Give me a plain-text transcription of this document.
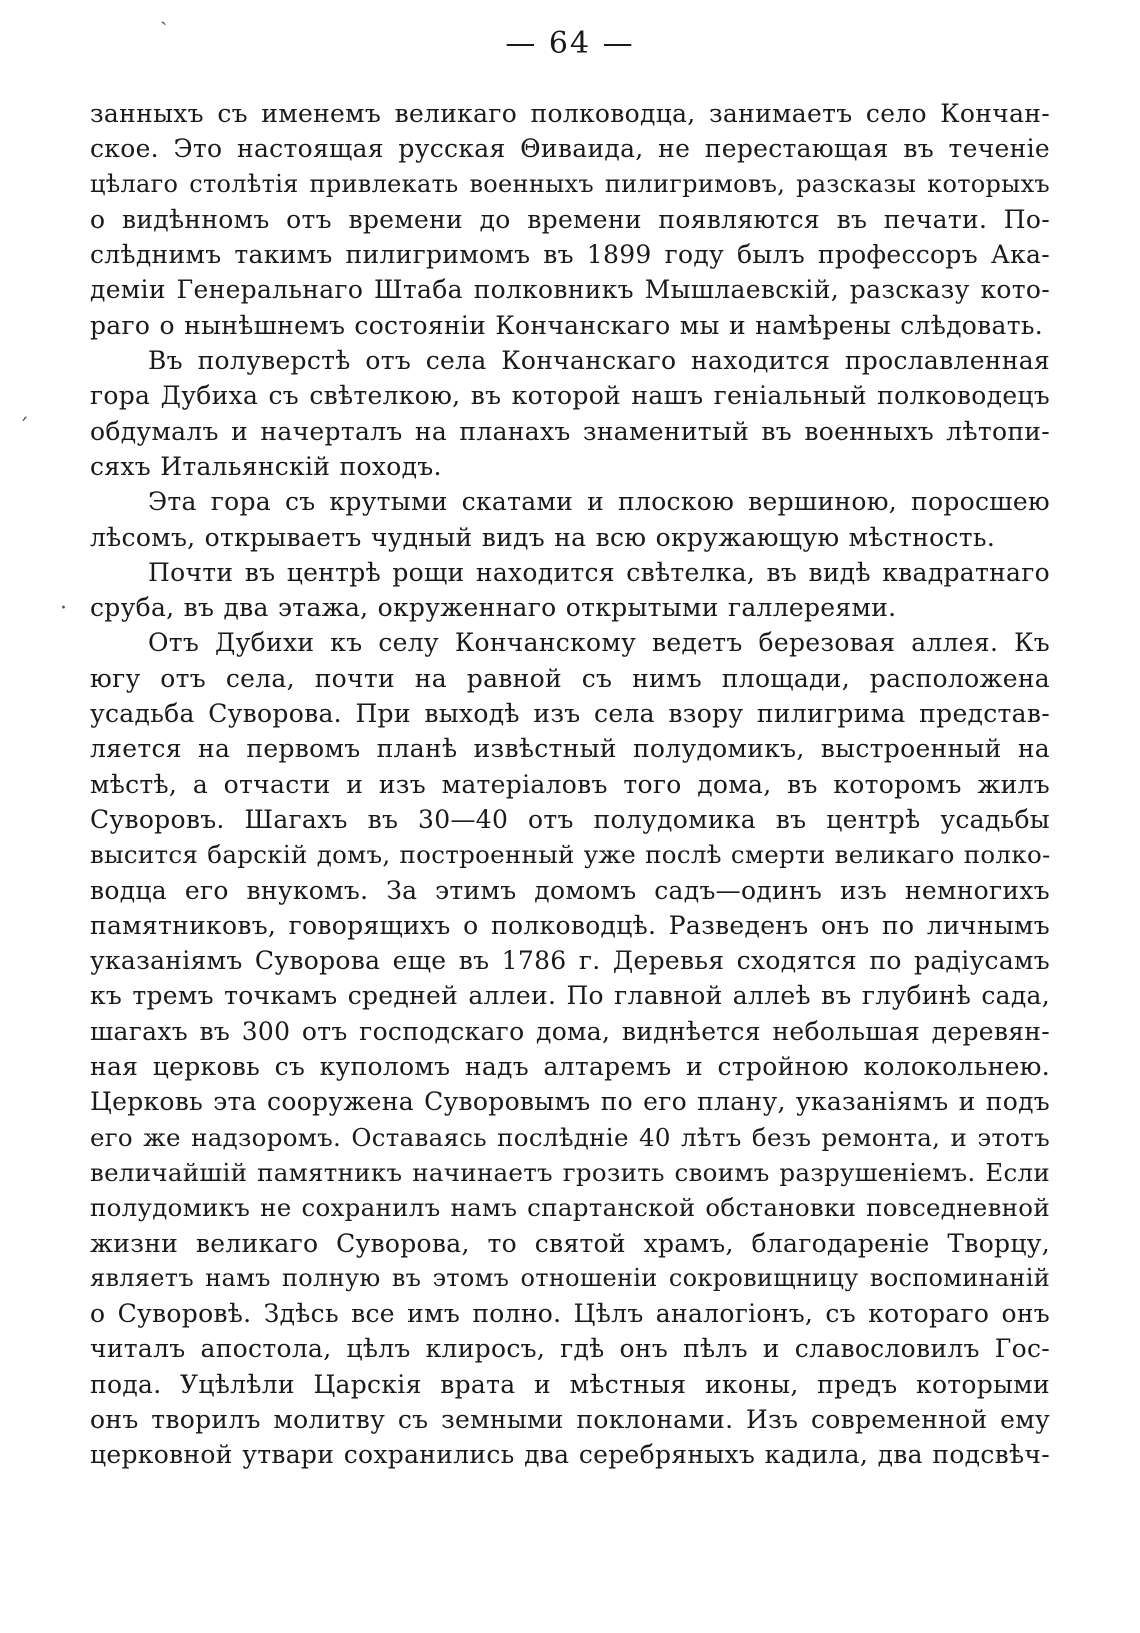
— 64 —
занныхъ съ именемъ великаго полководца, занимаетъ село Кончан-
ское. Это настоящая русская Θиваида, не перестающая въ теченіе
цѣлаго столѣтія привлекать военныхъ пилигримовъ, разсказы которыхъ
о видѣнномъ отъ времени до времени появляются въ печати. По-
слѣднимъ такимъ пилигримомъ въ 1899 году былъ профессоръ Ака-
деміи Генеральнаго Штаба полковникъ Мышлаевскій, разсказу кото-
раго о нынѣшнемъ состояніи Кончанскаго мы и намѣрены слѣдовать.
Въ полуверстѣ отъ села Кончанскаго находится прославленная
гора Дубиха съ свѣтелкою, въ которой нашъ геніальный полководецъ
обдумалъ и начерталъ на планахъ знаменитый въ военныхъ лѣтопи-
сяхъ Итальянскій походъ.
Эта гора съ крутыми скатами и плоскою вершиною, поросшею
лѣсомъ, открываетъ чудный видъ на всю окружающую мѣстность.
Почти въ центрѣ рощи находится свѣтелка, въ видѣ квадратнаго
сруба, въ два этажа, окруженнаго открытыми галлереями.
Отъ Дубихи къ селу Кончанскому ведетъ березовая аллея. Къ
югу отъ села, почти на равной съ нимъ площади, расположена
усадьба Суворова. При выходѣ изъ села взору пилигрима представ-
ляется на первомъ планѣ извѣстный полудомикъ, выстроенный на
мѣстѣ, а отчасти и изъ матеріаловъ того дома, въ которомъ жилъ
Суворовъ. Шагахъ въ 30—40 отъ полудомика въ центрѣ усадьбы
высится барскій домъ, построенный уже послѣ смерти великаго полко-
водца его внукомъ. За этимъ домомъ садъ—одинъ изъ немногихъ
памятниковъ, говорящихъ о полководцѣ. Разведенъ онъ по личнымъ
указаніямъ Суворова еще въ 1786 г. Деревья сходятся по радіусамъ
къ тремъ точкамъ средней аллеи. По главной аллеѣ въ глубинѣ сада,
шагахъ въ 300 отъ господскаго дома, виднѣется небольшая деревян-
ная церковь съ куполомъ надъ алтаремъ и стройною колокольнею.
Церковь эта сооружена Суворовымъ по его плану, указаніямъ и подъ
его же надзоромъ. Оставаясь послѣдніе 40 лѣтъ безъ ремонта, и этотъ
величайшій памятникъ начинаетъ грозить своимъ разрушеніемъ. Если
полудомикъ не сохранилъ намъ спартанской обстановки повседневной
жизни великаго Суворова, то святой храмъ, благодареніе Творцу,
являетъ намъ полную въ этомъ отношеніи сокровищницу воспоминаній
о Суворовѣ. Здѣсь все имъ полно. Цѣлъ аналогіонъ, съ котораго онъ
читалъ апостола, цѣлъ клиросъ, гдѣ онъ пѣлъ и славословилъ Гос-
пода. Уцѣлѣли Царскія врата и мѣстныя иконы, предъ которыми
онъ творилъ молитву съ земными поклонами. Изъ современной ему
церковной утвари сохранились два серебряныхъ кадила, два подсвѣч-
ˊ
·
ˏ
